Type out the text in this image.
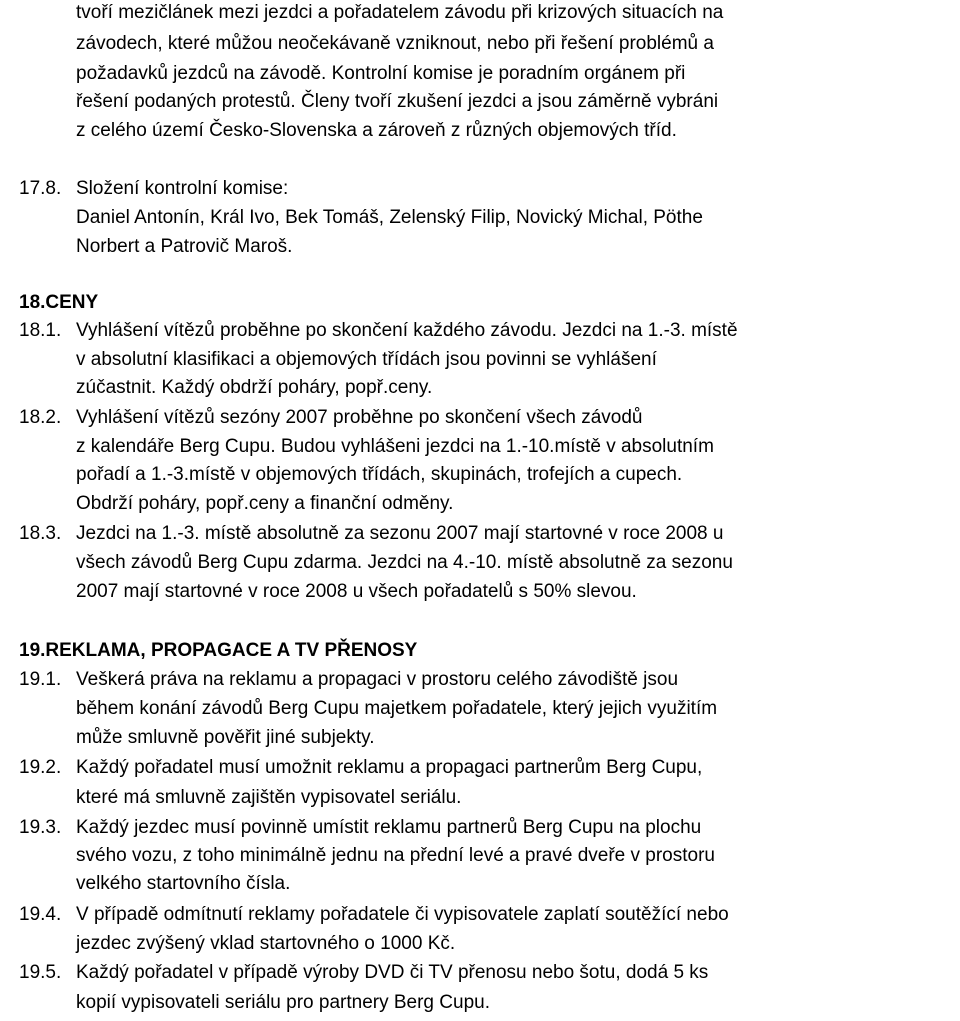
tvoří mezičlánek mezi jezdci a pořadatelem závodu při krizových situacích na
závodech, které můžou neočekávaně vzniknout, nebo při řešení problémů a
požadavků jezdců na závodě. Kontrolní komise je poradním orgánem při
řešení podaných protestů. Členy tvoří zkušení jezdci a jsou záměrně vybráni
z celého území Česko-Slovenska a zároveň z různých objemových tříd.
17.8. Složení kontrolní komise:
Daniel Antonín, Král Ivo, Bek Tomáš, Zelenský Filip, Novický Michal, Pöthe
Norbert a Patrovič Maroš.
18.CENY
18.1. Vyhlášení vítězů proběhne po skončení každého závodu. Jezdci na 1.-3. místě
v absolutní klasifikaci a objemových třídách jsou povinni se vyhlášení
zúčastnit. Každý obdrží poháry, popř.ceny.
18.2. Vyhlášení vítězů sezóny 2007 proběhne po skončení všech závodů
z kalendáře Berg Cupu. Budou vyhlášeni jezdci na 1.-10.místě v absolutním
pořadí a 1.-3.místě v objemových třídách, skupinách, trofejích a cupech.
Obdrží poháry, popř.ceny a finanční odměny.
18.3. Jezdci na 1.-3. místě absolutně za sezonu 2007 mají startovné v roce 2008 u
všech závodů Berg Cupu zdarma. Jezdci na 4.-10. místě absolutně za sezonu
2007 mají startovné v roce 2008 u všech pořadatelů s 50% slevou.
19.REKLAMA, PROPAGACE A TV PŘENOSY
19.1. Veškerá práva na reklamu a propagaci v prostoru celého závodiště jsou
během konání závodů Berg Cupu majetkem pořadatele, který jejich využitím
může smluvně pověřit jiné subjekty.
19.2. Každý pořadatel musí umožnit reklamu a propagaci partnerům Berg Cupu,
které má smluvně zajištěn vypisovatel seriálu.
19.3. Každý jezdec musí povinně umístit reklamu partnerů Berg Cupu na plochu
svého vozu, z toho minimálně jednu na přední levé a pravé dveře v prostoru
velkého startovního čísla.
19.4. V případě odmítnutí reklamy pořadatele či vypisovatele zaplatí soutěžící nebo
jezdec zvýšený vklad startovného o 1000 Kč.
19.5. Každý pořadatel v případě výroby DVD či TV přenosu nebo šotu, dodá 5 ks
kopií vypisovateli seriálu pro partnery Berg Cupu.
